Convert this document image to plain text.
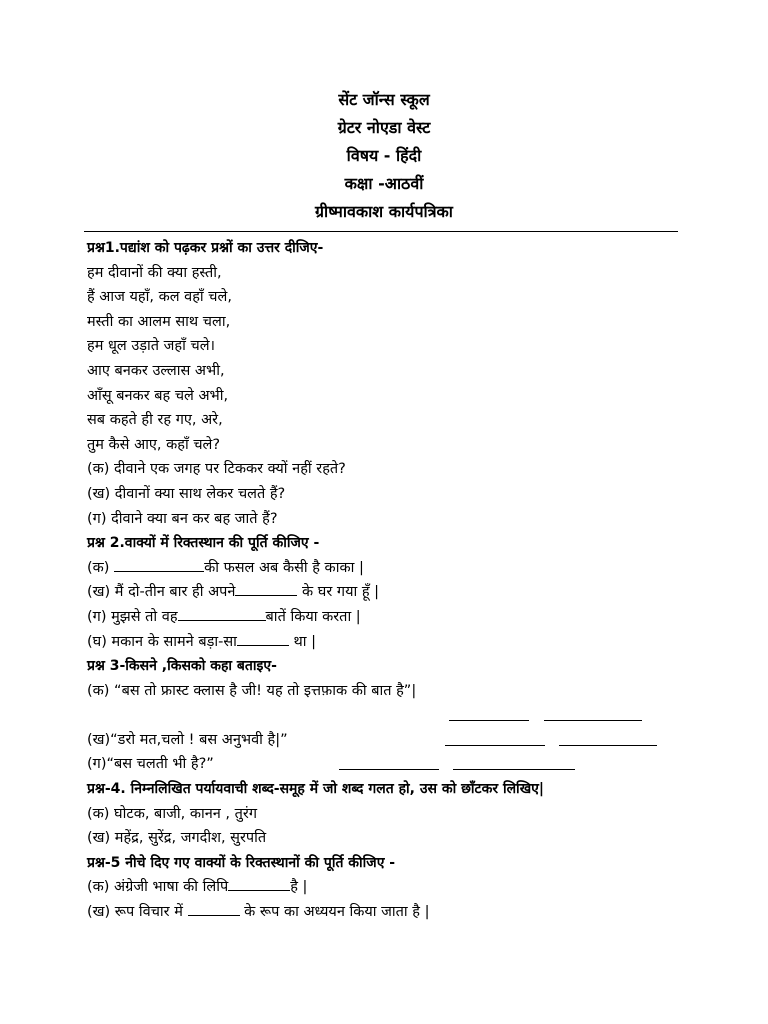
सेंट जॉन्स स्कूल
ग्रेटर नोएडा वेस्ट
विषय - हिंदी
कक्षा -आठवीं
ग्रीष्मावकाश कार्यपत्रिका
प्रश्न1.पद्यांश को पढ़कर प्रश्नों का उत्तर दीजिए-
हम दीवानों की क्या हस्ती,
हैं आज यहाँ, कल वहाँ चले,
मस्ती का आलम साथ चला,
हम धूल उड़ाते जहाँ चले।
आए बनकर उल्लास अभी,
आँसू बनकर बह चले अभी,
सब कहते ही रह गए, अरे,
तुम कैसे आए, कहाँ चले?
(क) दीवाने एक जगह पर टिककर क्यों नहीं रहते?
(ख) दीवानों क्या साथ लेकर चलते हैं?
(ग) दीवाने क्या बन कर बह जाते हैं?
प्रश्न 2.वाक्यों में रिक्तस्थान की पूर्ति कीजिए -
(क)	की फसल अब कैसी है काका |
(ख) मैं दो-तीन बार ही अपने	के घर गया हूँ |
(ग) मुझसे तो वह	बातें किया करता |
(घ) मकान के सामने बड़ा-सा	था |
प्रश्न 3-किसने ,किसको कहा बताइए-
(क) “बस तो फ्रास्ट क्लास है जी! यह तो इत्तफ़ाक की बात है”|
(ख)“डरो मत,चलो ! बस अनुभवी है|”
(ग)“बस चलती भी है?”
प्रश्न-4. निम्नलिखित पर्यायवाची शब्द-समूह में जो शब्द गलत हो, उस को छाँटकर लिखिए|
(क) घोटक, बाजी, कानन , तुरंग
(ख) महेंद्र, सुरेंद्र, जगदीश, सुरपति
प्रश्न-5 नीचे दिए गए वाक्यों के रिक्तस्थानों की पूर्ति कीजिए -
(क) अंग्रेजी भाषा की लिपि	है |
(ख) रूप विचार में	के रूप का अध्ययन किया जाता है |
